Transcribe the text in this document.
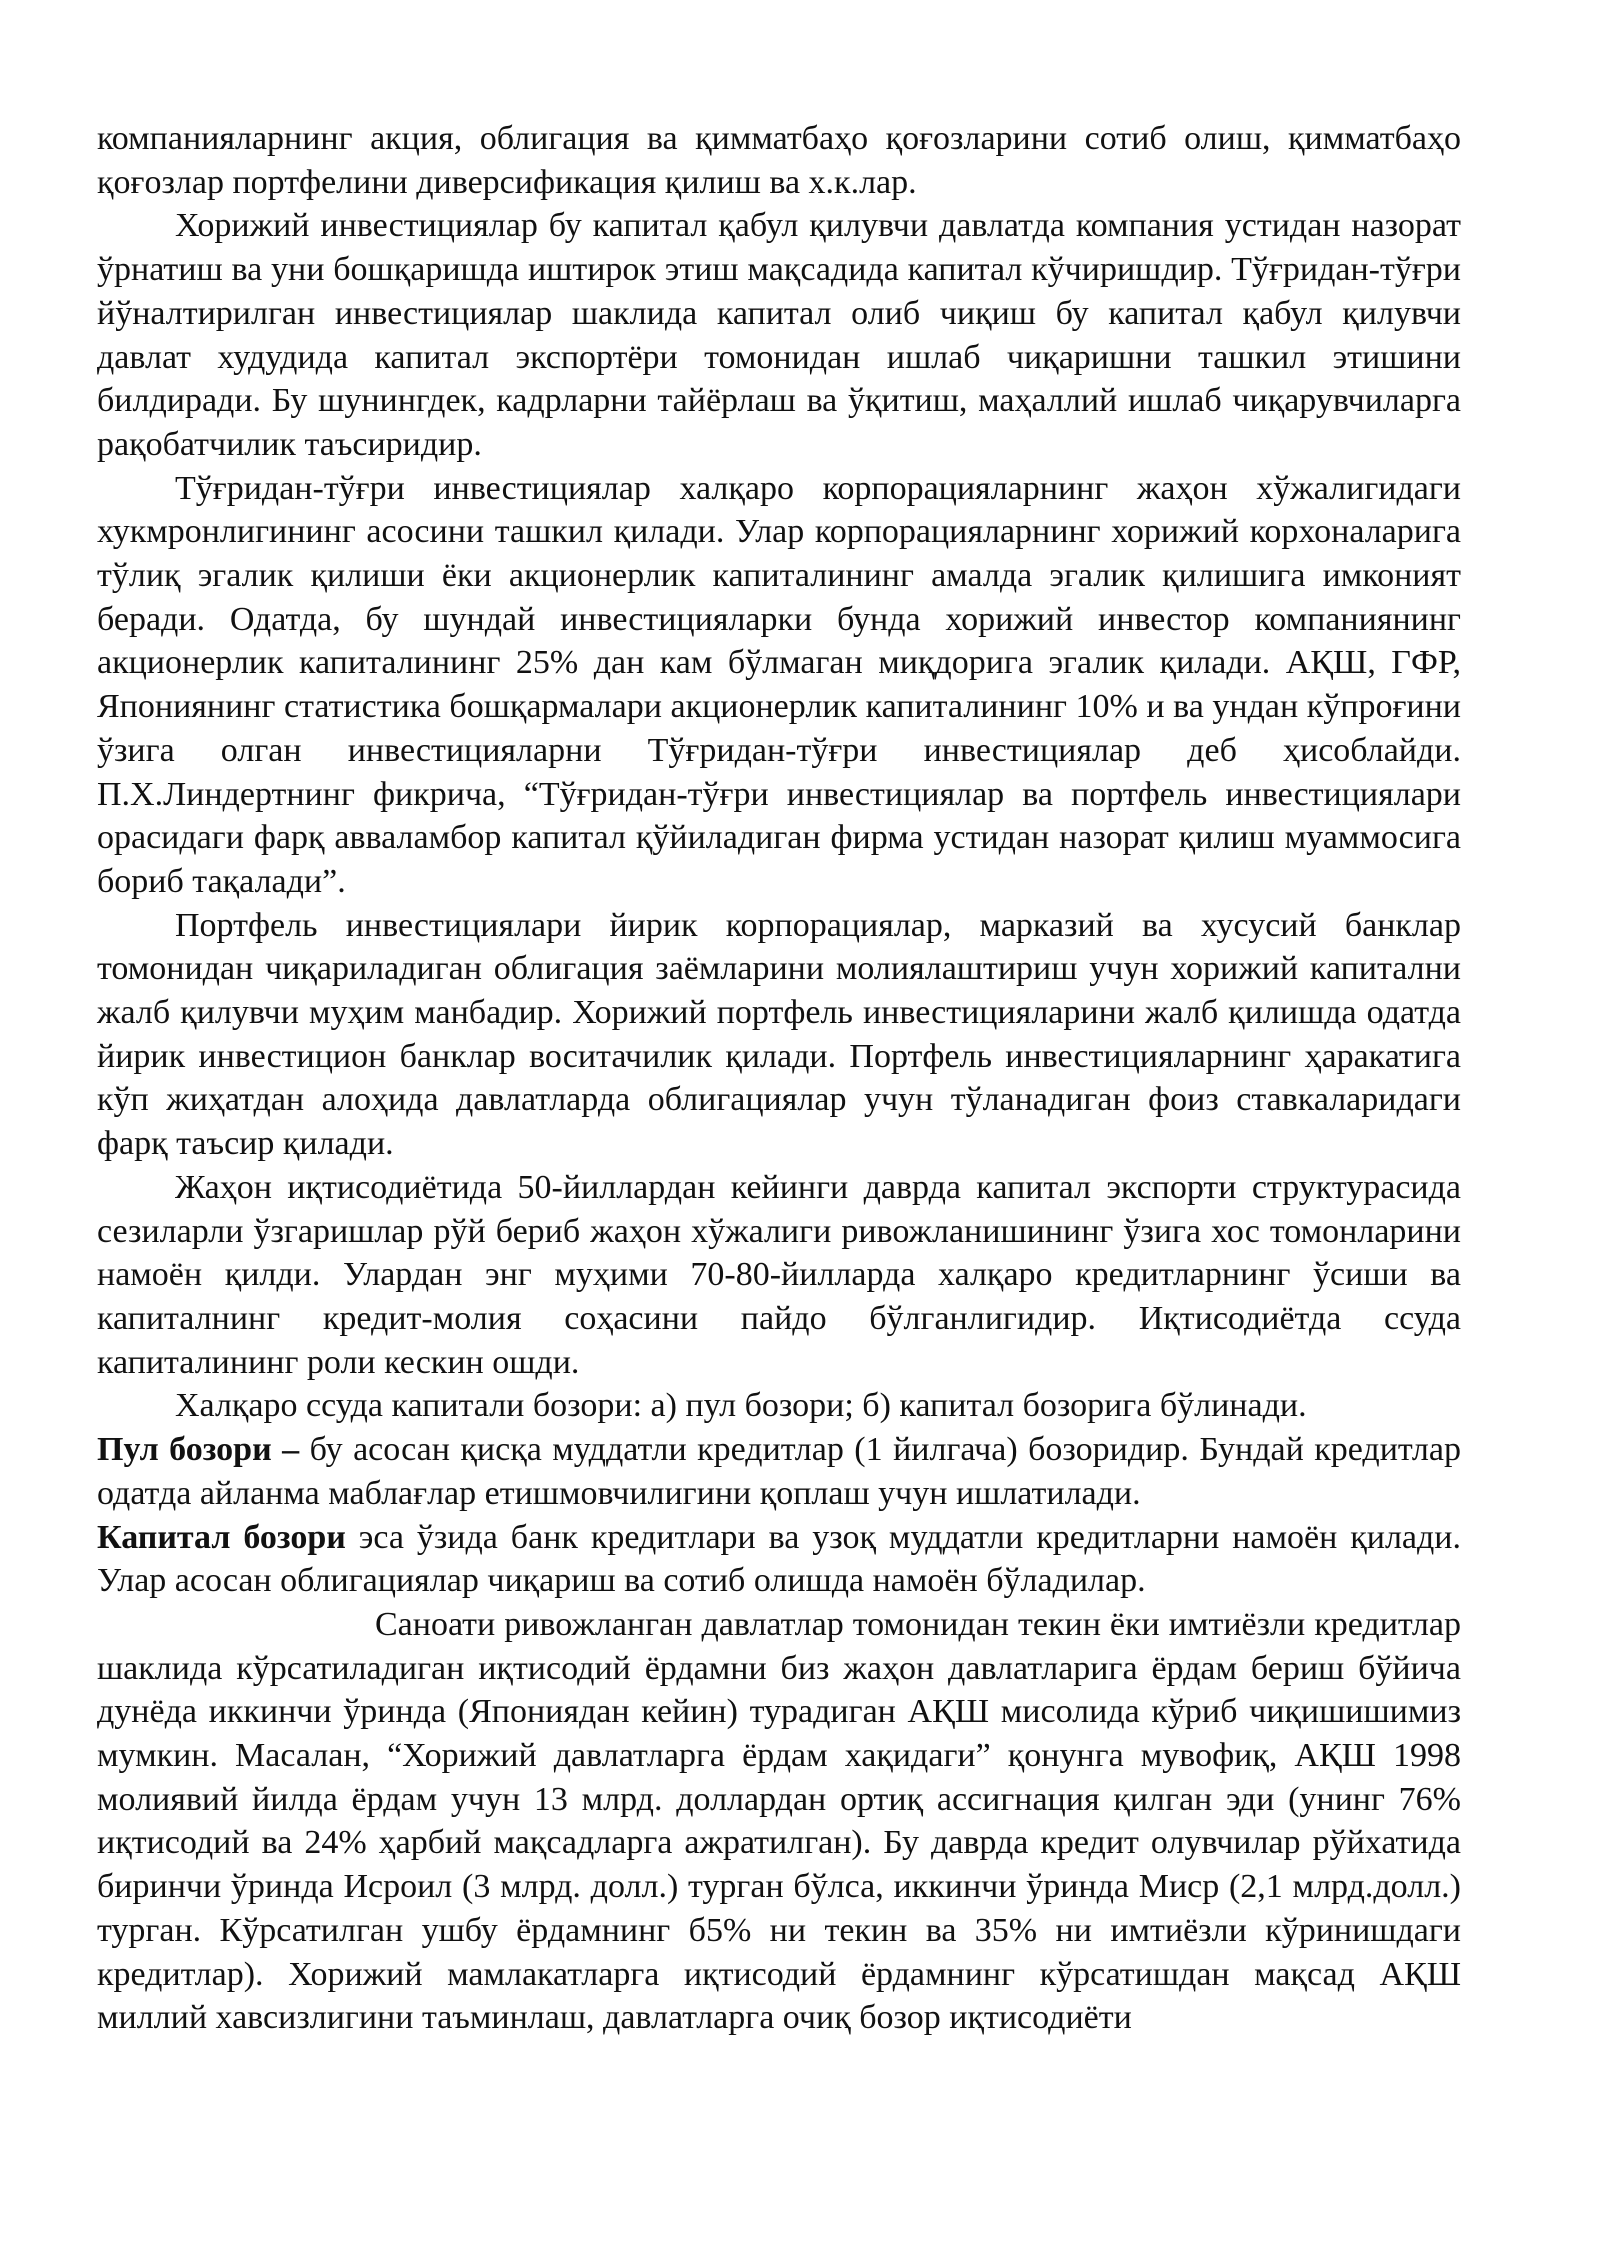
компанияларнинг акция, облигация ва қимматбаҳо қоғозларини сотиб олиш, қимматбаҳо қоғозлар портфелини диверсификация қилиш ва х.к.лар.

Хорижий инвестициялар бу капитал қабул қилувчи давлатда компания устидан назорат ўрнатиш ва уни бошқаришда иштирок этиш мақсадида капитал кўчиришдир. Тўғридан-тўғри йўналтирилган инвестициялар шаклида капитал олиб чиқиш бу капитал қабул қилувчи давлат худудида капитал экспортёри томонидан ишлаб чиқаришни ташкил этишини билдиради. Бу шунингдек, кадрларни тайёрлаш ва ўқитиш, маҳаллий ишлаб чиқарувчиларга рақобатчилик таъсиридир.

Тўғридан-тўғри инвестициялар халқаро корпорацияларнинг жаҳон хўжалигидаги хукмронлигининг асосини ташкил қилади. Улар корпорацияларнинг хорижий корхоналарига тўлиқ эгалик қилиши ёки акционерлик капиталининг амалда эгалик қилишига имконият беради. Одатда, бу шундай инвестицияларки бунда хорижий инвестор компаниянинг акционерлик капиталининг 25% дан кам бўлмаган миқдорига эгалик қилади. АҚШ, ГФР, Япониянинг статистика бошқармалари акционерлик капиталининг 10% и ва ундан кўпроғини ўзига олган инвестицияларни Тўғридан-тўғри инвестициялар деб ҳисоблайди. П.Х.Линдертнинг фикрича, “Тўғридан-тўғри инвестициялар ва портфель инвестициялари орасидаги фарқ авваламбор капитал қўйиладиган фирма устидан назорат қилиш муаммосига бориб тақалади”.

Портфель инвестициялари йирик корпорациялар, марказий ва хусусий банклар томонидан чиқариладиган облигация заёмларини молиялаштириш учун хорижий капитални жалб қилувчи муҳим манбадир. Хорижий портфель инвестицияларини жалб қилишда одатда йирик инвестицион банклар воситачилик қилади. Портфель инвестицияларнинг ҳаракатига кўп жиҳатдан алоҳида давлатларда облигациялар учун тўланадиган фоиз ставкаларидаги фарқ таъсир қилади.

Жаҳон иқтисодиётида 50-йиллардан кейинги даврда капитал экспорти структурасида сезиларли ўзгаришлар рўй бериб жаҳон хўжалиги ривожланишининг ўзига хос томонларини намоён қилди. Улардан энг муҳими 70-80-йилларда халқаро кредитларнинг ўсиши ва капиталнинг кредит-молия соҳасини пайдо бўлганлигидир. Иқтисодиётда ссуда капиталининг роли кескин ошди.

Халқаро ссуда капитали бозори: а) пул бозори; б) капитал бозорига бўлинади.

Пул бозори – бу асосан қисқа муддатли кредитлар (1 йилгача) бозоридир. Бундай кредитлар одатда айланма маблағлар етишмовчилигини қоплаш учун ишлатилади.

Капитал бозори эса ўзида банк кредитлари ва узоқ муддатли кредитларни намоён қилади. Улар асосан облигациялар чиқариш ва сотиб олишда намоён бўладилар.

Саноати ривожланган давлатлар томонидан текин ёки имтиёзли кредитлар шаклида кўрсатиладиган иқтисодий ёрдамни биз жаҳон давлатларига ёрдам бериш бўйича дунёда иккинчи ўринда (Япониядан кейин) турадиган АҚШ мисолида кўриб чиқишишимиз мумкин. Масалан, “Хорижий давлатларга ёрдам хақидаги” қонунга мувофиқ, АҚШ 1998 молиявий йилда ёрдам учун 13 млрд. доллардан ортиқ ассигнация қилган эди (унинг 76% иқтисодий ва 24% ҳарбий мақсадларга ажратилган). Бу даврда кредит олувчилар рўйхатида биринчи ўринда Исроил (3 млрд. долл.) турган бўлса, иккинчи ўринда Миср (2,1 млрд.долл.) турган. Кўрсатилган ушбу ёрдамнинг б5% ни текин ва 35% ни имтиёзли кўринишдаги кредитлар). Хорижий мамлакатларга иқтисодий ёрдамнинг кўрсатишдан мақсад АҚШ миллий хавсизлигини таъминлаш, давлатларга очиқ бозор иқтисодиёти
